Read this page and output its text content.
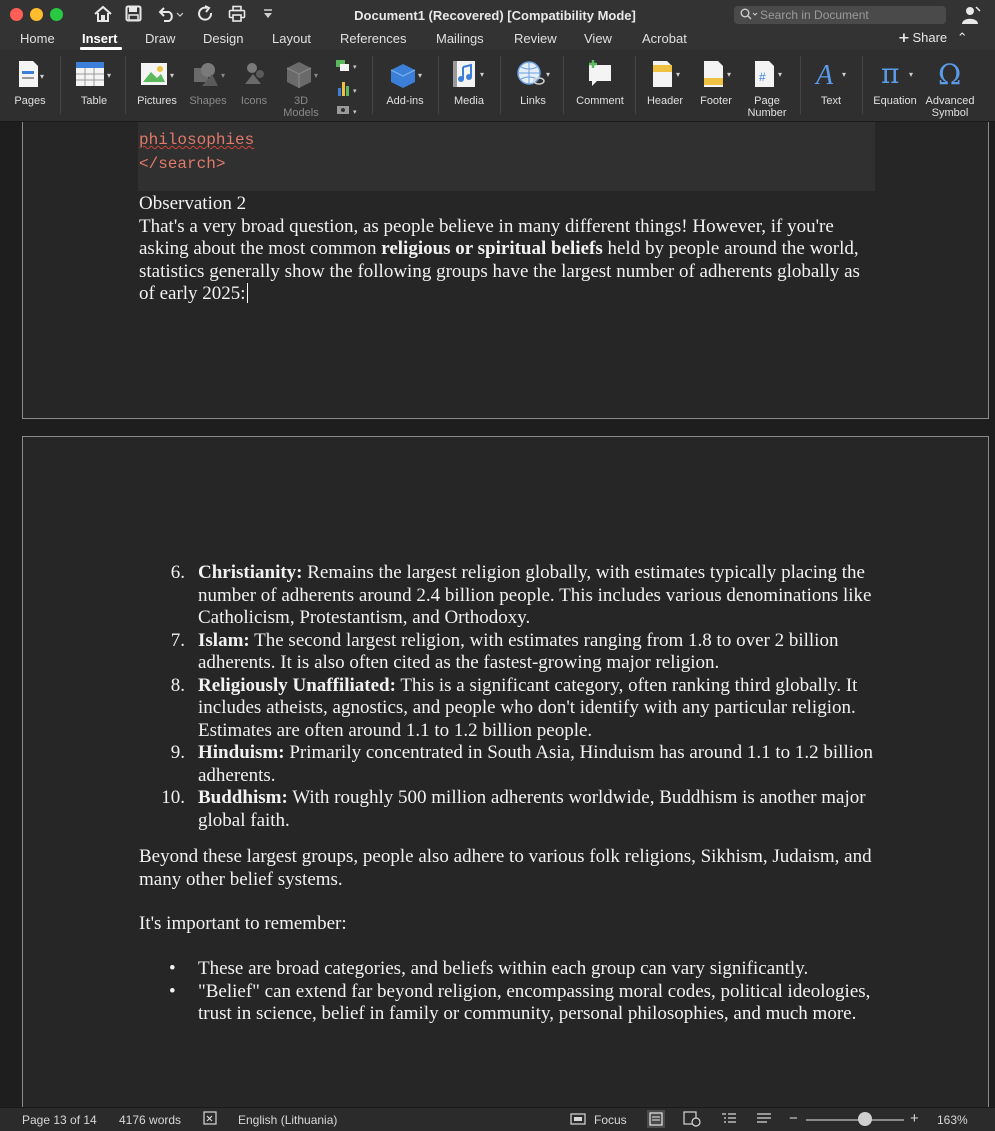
Document1 (Recovered) [Compatibility Mode]	Search in Document
Home Insert Draw Design Layout References Mailings Review View Acrobat	➕︎ Share ⌃
▾
Pages
▾
Table
▾
Pictures
▾
Shapes	Icons
▾
3D
Models
▾
▾
▾
▾
Add-ins
▾
Media
▾
Links	Comment
▾
Header
▾
Footer
# ▾
Page
Number
A ▾
Text
π ▾
Equation
Ω
Advanced
Symbol
philosophies
</search>
Observation 2
That's a very broad question, as people believe in many different things! However, if you're asking about the most common religious or spiritual beliefs held by people around the world, statistics generally show the following groups have the largest number of adherents globally as of early 2025:
6. Christianity: Remains the largest religion globally, with estimates typically placing the number of adherents around 2.4 billion people. This includes various denominations like Catholicism, Protestantism, and Orthodoxy.
7. Islam: The second largest religion, with estimates ranging from 1.8 to over 2 billion adherents. It is also often cited as the fastest-growing major religion.
8. Religiously Unaffiliated: This is a significant category, often ranking third globally. It includes atheists, agnostics, and people who don't identify with any particular religion. Estimates are often around 1.1 to 1.2 billion people.
9. Hinduism: Primarily concentrated in South Asia, Hinduism has around 1.1 to 1.2 billion adherents.
10. Buddhism: With roughly 500 million adherents worldwide, Buddhism is another major global faith.
Beyond these largest groups, people also adhere to various folk religions, Sikhism, Judaism, and many other belief systems.
It's important to remember:
• These are broad categories, and beliefs within each group can vary significantly.
• "Belief" can extend far beyond religion, encompassing moral codes, political ideologies, trust in science, belief in family or community, personal philosophies, and much more.
Page 13 of 14 4176 words	English (Lithuania)	Focus	−	+ 163%
